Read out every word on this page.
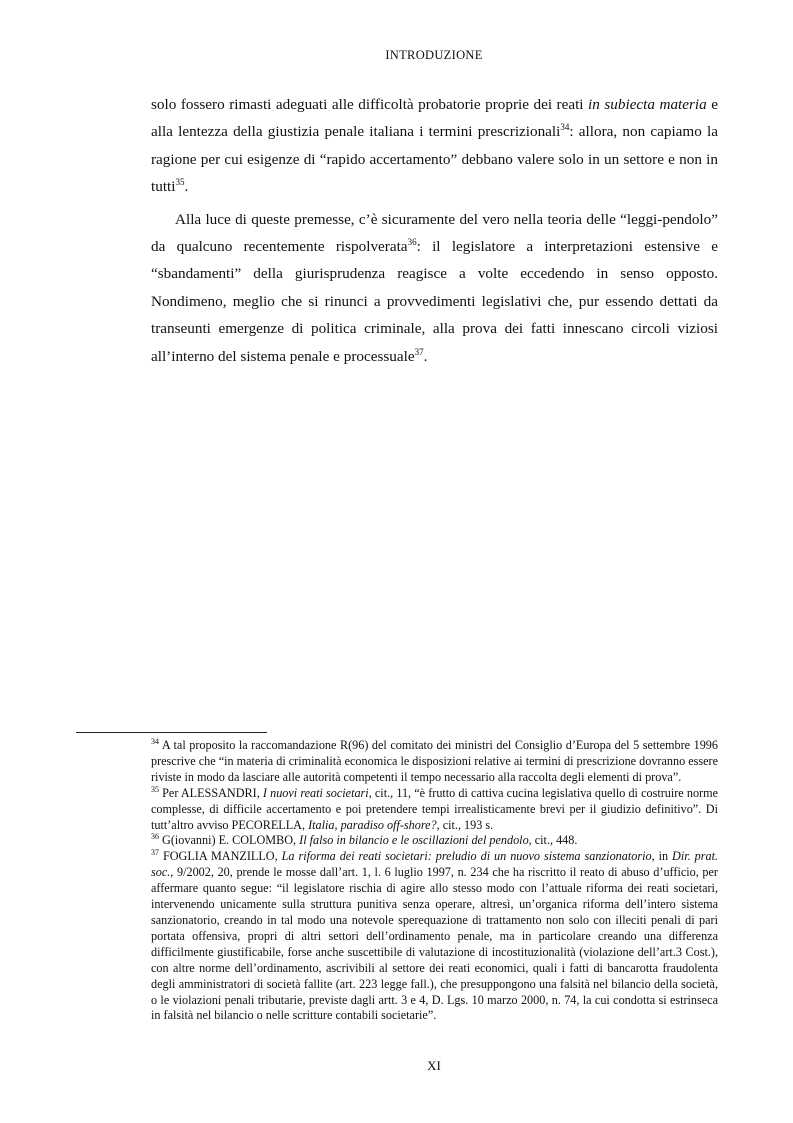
INTRODUZIONE

solo fossero rimasti adeguati alle difficoltà probatorie proprie dei reati in subiecta materia e alla lentezza della giustizia penale italiana i termini prescrizionali$^{34}$: allora, non capiamo la ragione per cui esigenze di “rapido accertamento” debbano valere solo in un settore e non in tutti$^{35}$.

Alla luce di queste premesse, c’è sicuramente del vero nella teoria delle “leggi-pendolo” da qualcuno recentemente rispolverata$^{36}$: il legislatore a interpretazioni estensive e “sbandamenti” della giurisprudenza reagisce a volte eccedendo in senso opposto. Nondimeno, meglio che si rinunci a provvedimenti legislativi che, pur essendo dettati da transeunti emergenze di politica criminale, alla prova dei fatti innescano circoli viziosi all’interno del sistema penale e processuale$^{37}$.

$^{34}$ A tal proposito la raccomandazione R(96) del comitato dei ministri del Consiglio d’Europa del 5 settembre 1996 prescrive che “in materia di criminalità economica le disposizioni relative ai termini di prescrizione dovranno essere riviste in modo da lasciare alle autorità competenti il tempo necessario alla raccolta degli elementi di prova”.

$^{35}$ Per ALESSANDRI, I nuovi reati societari, cit., 11, “è frutto di cattiva cucina legislativa quello di costruire norme complesse, di difficile accertamento e poi pretendere tempi irrealisticamente brevi per il giudizio definitivo”. Di tutt’altro avviso PECORELLA, Italia, paradiso off-shore?, cit., 193 s.

$^{36}$ G(iovanni) E. COLOMBO, Il falso in bilancio e le oscillazioni del pendolo, cit., 448.

$^{37}$ FOGLIA MANZILLO, La riforma dei reati societari: preludio di un nuovo sistema sanzionatorio, in Dir. prat. soc., 9/2002, 20, prende le mosse dall’art. 1, l. 6 luglio 1997, n. 234 che ha riscritto il reato di abuso d’ufficio, per affermare quanto segue: “il legislatore rischia di agire allo stesso modo con l’attuale riforma dei reati societari, intervenendo unicamente sulla struttura punitiva senza operare, altresì, un’organica riforma dell’intero sistema sanzionatorio, creando in tal modo una notevole sperequazione di trattamento non solo con illeciti penali di pari portata offensiva, propri di altri settori dell’ordinamento penale, ma in particolare creando una differenza difficilmente giustificabile, forse anche suscettibile di valutazione di incostituzionalità (violazione dell’art.3 Cost.), con altre norme dell’ordinamento, ascrivibili al settore dei reati economici, quali i fatti di bancarotta fraudolenta degli amministratori di società fallite (art. 223 legge fall.), che presuppongono una falsità nel bilancio della società, o le violazioni penali tributarie, previste dagli artt. 3 e 4, D. Lgs. 10 marzo 2000, n. 74, la cui condotta si estrinseca in falsità nel bilancio o nelle scritture contabili societarie”.

XI
